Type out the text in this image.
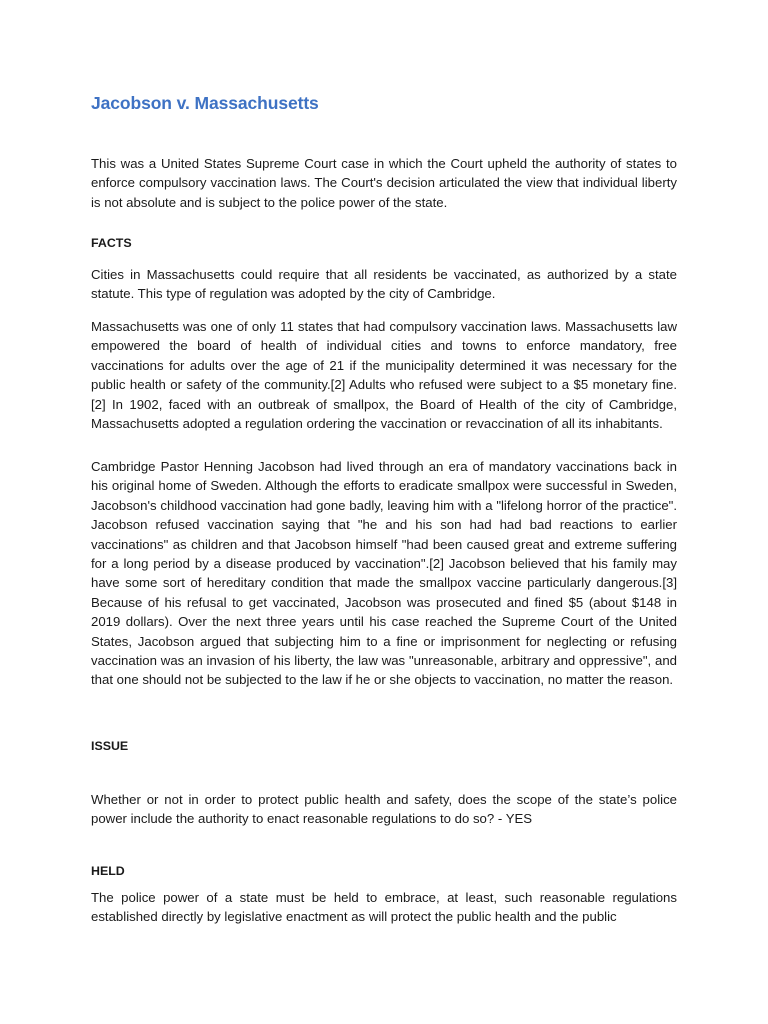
Jacobson v. Massachusetts

This was a United States Supreme Court case in which the Court upheld the authority of states to enforce compulsory vaccination laws. The Court's decision articulated the view that individual liberty is not absolute and is subject to the police power of the state.

FACTS

Cities in Massachusetts could require that all residents be vaccinated, as authorized by a state statute. This type of regulation was adopted by the city of Cambridge.

Massachusetts was one of only 11 states that had compulsory vaccination laws. Massachusetts law empowered the board of health of individual cities and towns to enforce mandatory, free vaccinations for adults over the age of 21 if the municipality determined it was necessary for the public health or safety of the community.[2] Adults who refused were subject to a $5 monetary fine.[2] In 1902, faced with an outbreak of smallpox, the Board of Health of the city of Cambridge, Massachusetts adopted a regulation ordering the vaccination or revaccination of all its inhabitants.

Cambridge Pastor Henning Jacobson had lived through an era of mandatory vaccinations back in his original home of Sweden. Although the efforts to eradicate smallpox were successful in Sweden, Jacobson's childhood vaccination had gone badly, leaving him with a "lifelong horror of the practice". Jacobson refused vaccination saying that "he and his son had had bad reactions to earlier vaccinations" as children and that Jacobson himself "had been caused great and extreme suffering for a long period by a disease produced by vaccination".[2] Jacobson believed that his family may have some sort of hereditary condition that made the smallpox vaccine particularly dangerous.[3] Because of his refusal to get vaccinated, Jacobson was prosecuted and fined $5 (about $148 in 2019 dollars). Over the next three years until his case reached the Supreme Court of the United States, Jacobson argued that subjecting him to a fine or imprisonment for neglecting or refusing vaccination was an invasion of his liberty, the law was "unreasonable, arbitrary and oppressive", and that one should not be subjected to the law if he or she objects to vaccination, no matter the reason.

ISSUE

Whether or not in order to protect public health and safety, does the scope of the state’s police power include the authority to enact reasonable regulations to do so? - YES

HELD

The police power of a state must be held to embrace, at least, such reasonable regulations established directly by legislative enactment as will protect the public health and the public
